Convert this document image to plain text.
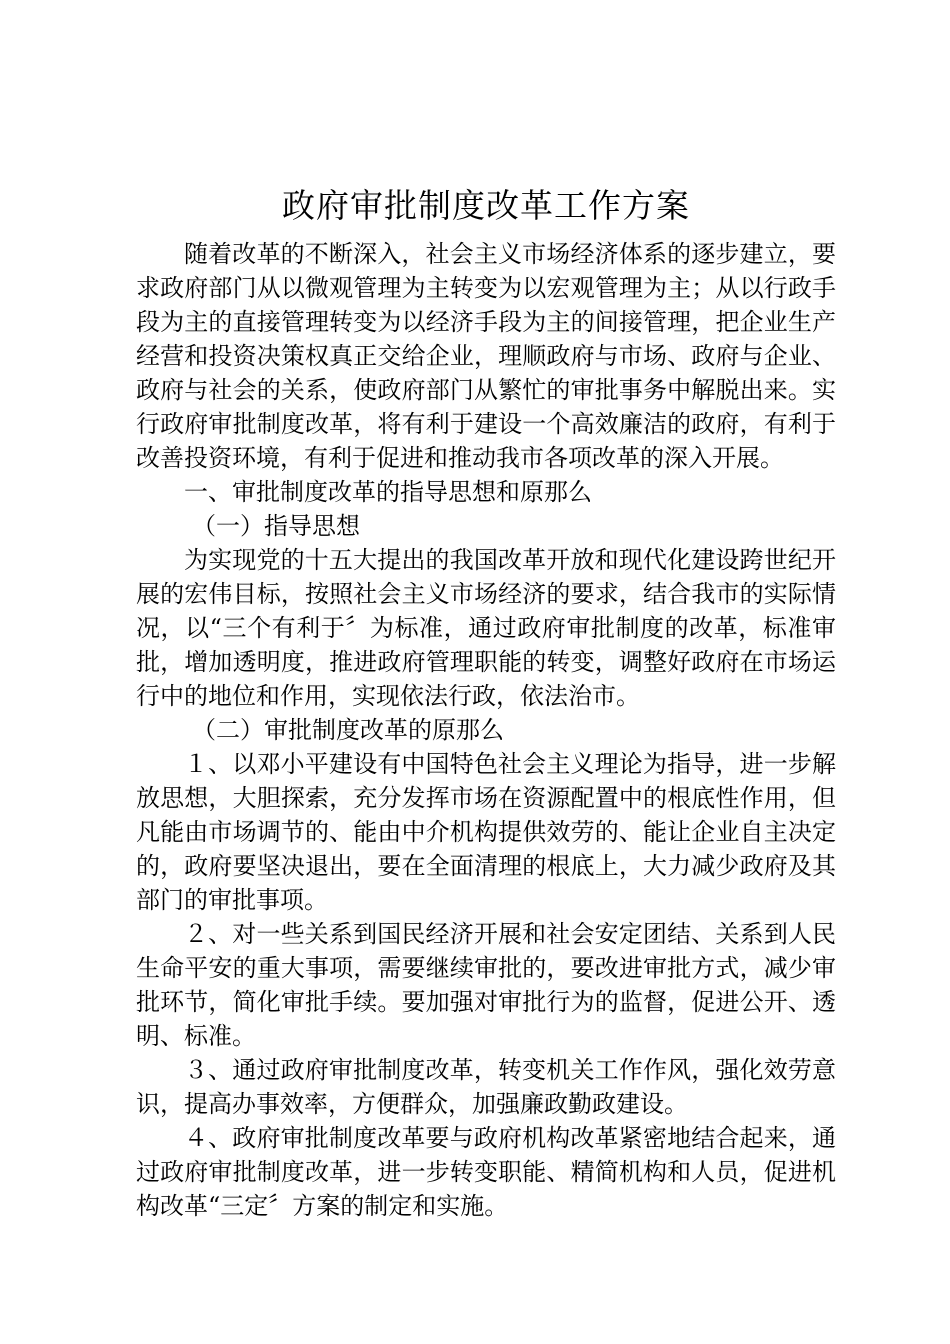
政府审批制度改革工作方案

随着改革的不断深入，社会主义市场经济体系的逐步建立，要求政府部门从以微观管理为主转变为以宏观管理为主；从以行政手段为主的直接管理转变为以经济手段为主的间接管理，把企业生产经营和投资决策权真正交给企业，理顺政府与市场、政府与企业、政府与社会的关系，使政府部门从繁忙的审批事务中解脱出来。实行政府审批制度改革，将有利于建设一个高效廉洁的政府，有利于改善投资环境，有利于促进和推动我市各项改革的深入开展。

一、审批制度改革的指导思想和原那么

（一）指导思想

为实现党的十五大提出的我国改革开放和现代化建设跨世纪开展的宏伟目标，按照社会主义市场经济的要求，结合我市的实际情况，以“三个有利于〞为标准，通过政府审批制度的改革，标准审批，增加透明度，推进政府管理职能的转变，调整好政府在市场运行中的地位和作用，实现依法行政，依法治市。

（二）审批制度改革的原那么

１、以邓小平建设有中国特色社会主义理论为指导，进一步解放思想，大胆探索，充分发挥市场在资源配置中的根底性作用，但凡能由市场调节的、能由中介机构提供效劳的、能让企业自主决定的，政府要坚决退出，要在全面清理的根底上，大力减少政府及其部门的审批事项。

２、对一些关系到国民经济开展和社会安定团结、关系到人民生命平安的重大事项，需要继续审批的，要改进审批方式，减少审批环节，简化审批手续。要加强对审批行为的监督，促进公开、透明、标准。

３、通过政府审批制度改革，转变机关工作作风，强化效劳意识，提高办事效率，方便群众，加强廉政勤政建设。

４、政府审批制度改革要与政府机构改革紧密地结合起来，通过政府审批制度改革，进一步转变职能、精简机构和人员，促进机构改革“三定〞方案的制定和实施。
